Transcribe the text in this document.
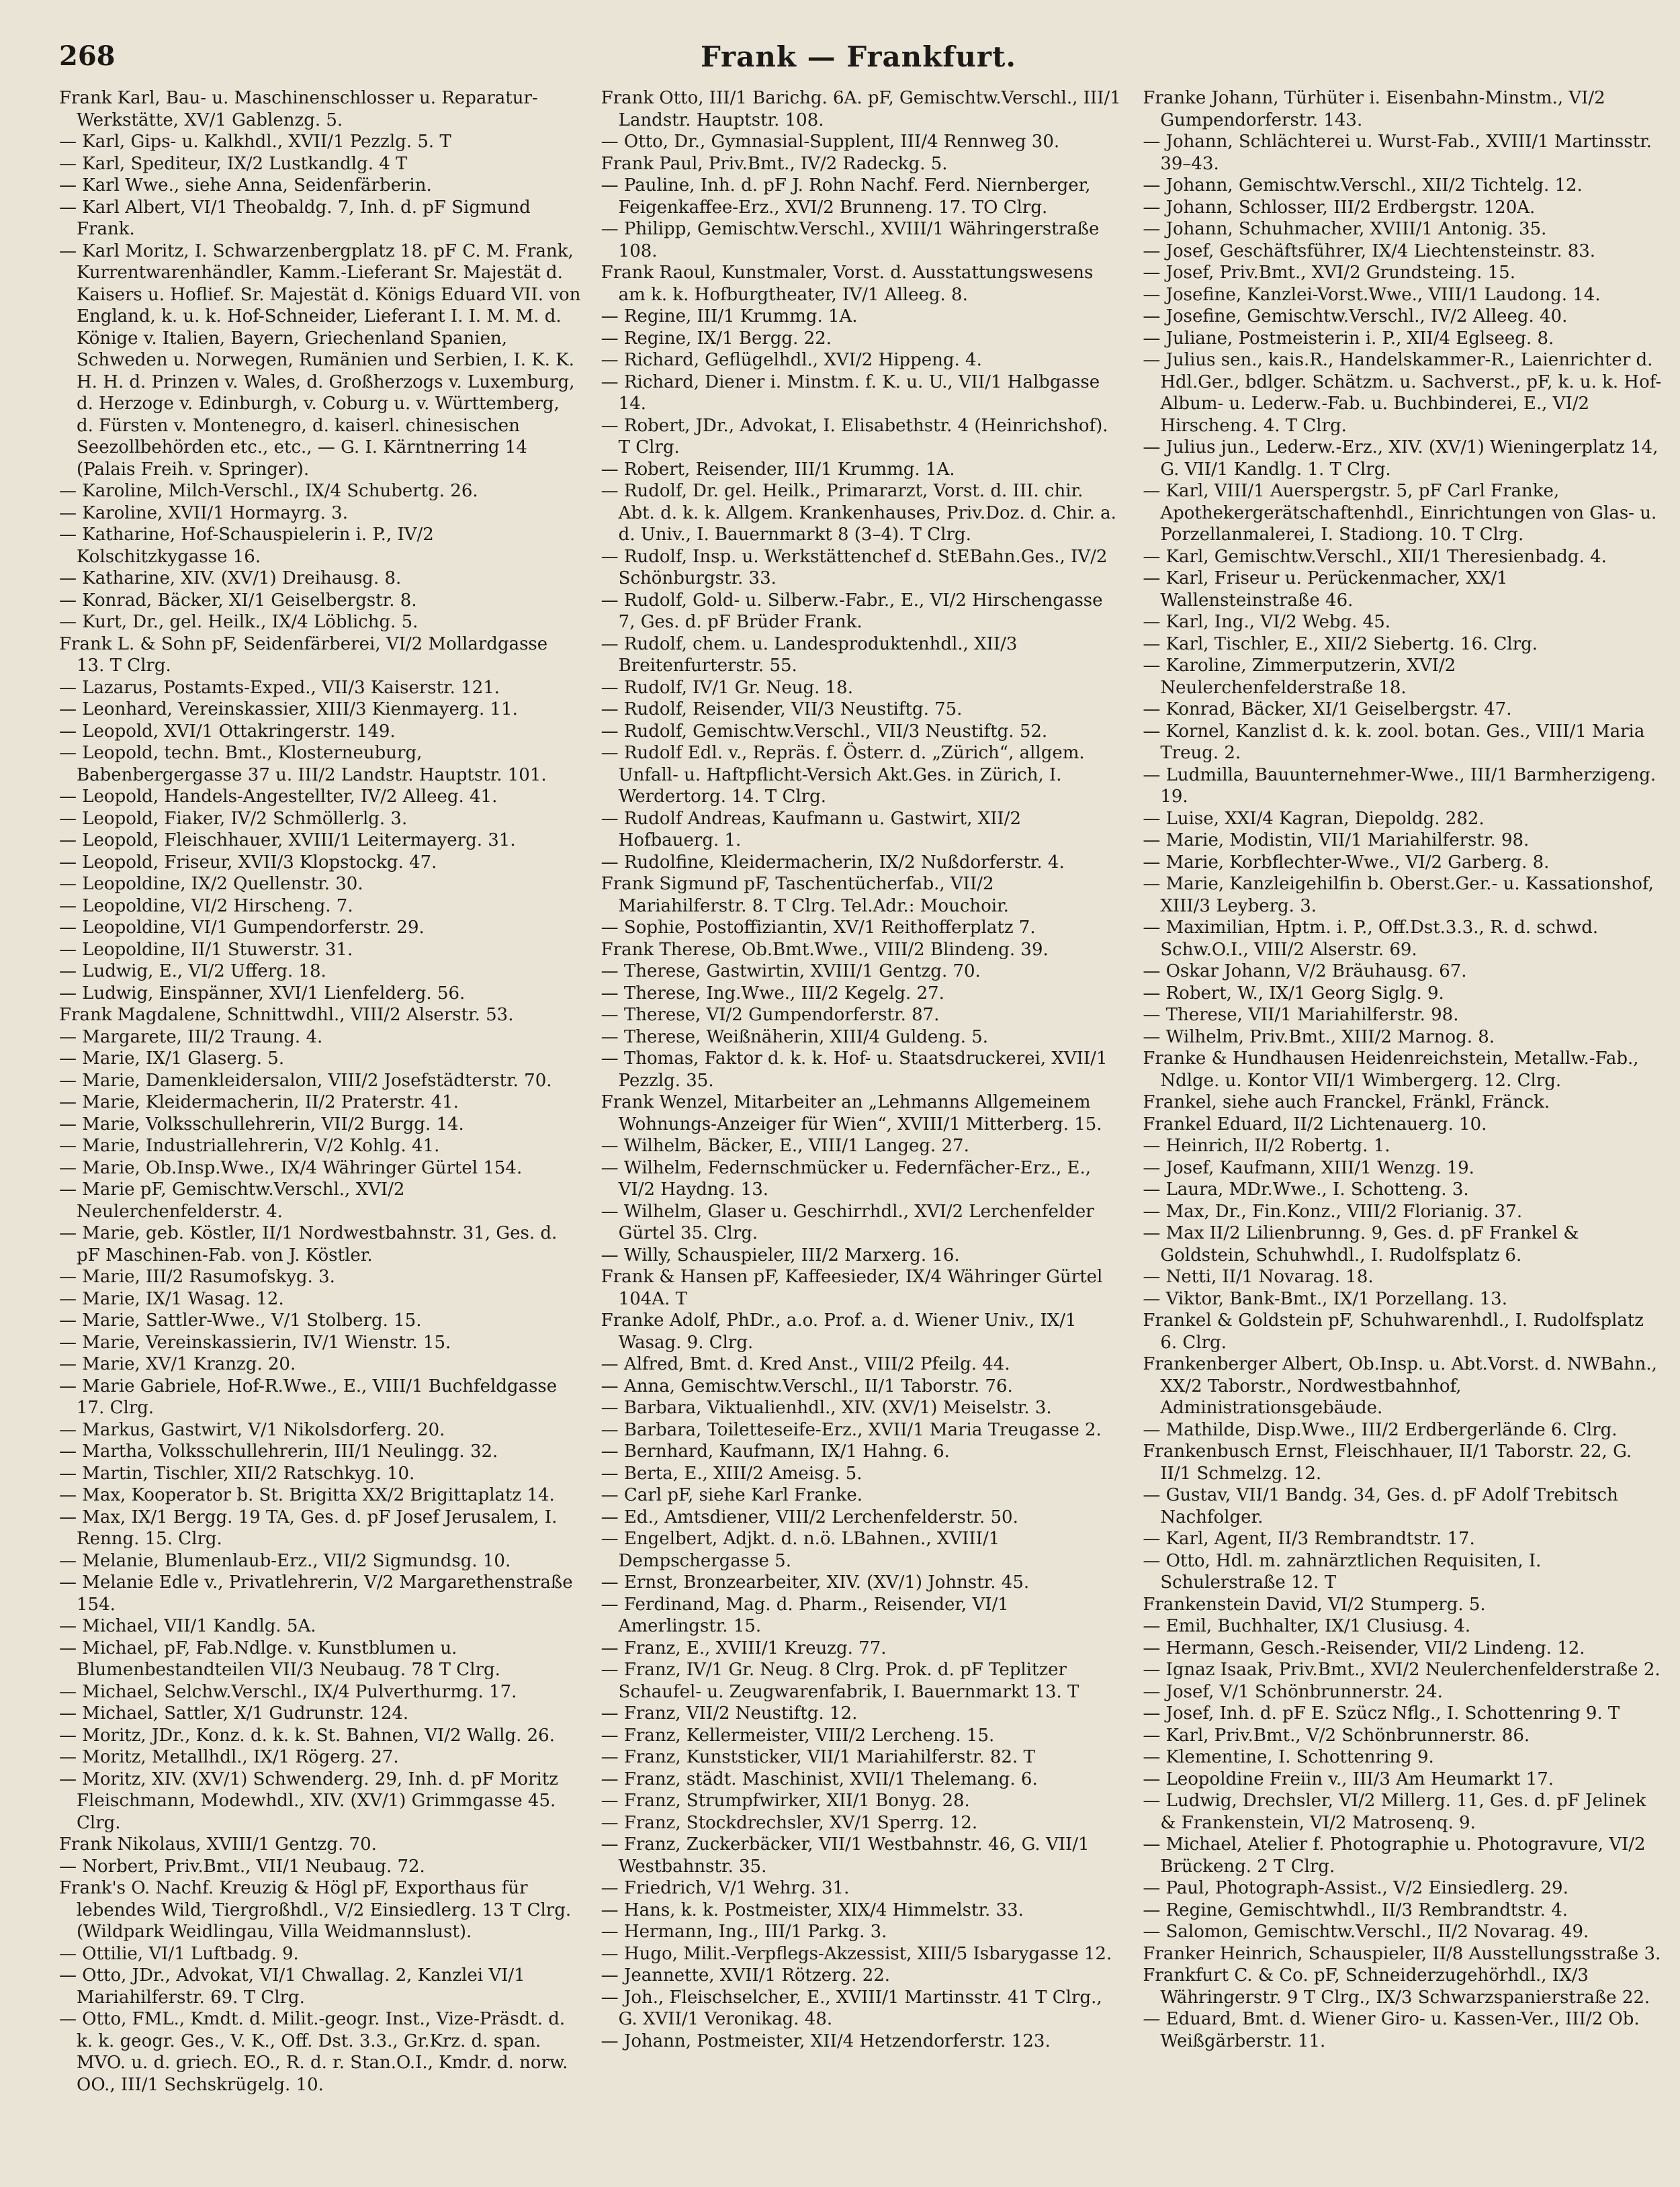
268	Frank — Frankfurt.

Frank Karl, Bau- u. Maschinenschlosser u. Reparatur-Werkstätte, XV/1 Gablenzg. 5.

— Karl, Gips- u. Kalkhdl., XVII/1 Pezzlg. 5. T

— Karl, Spediteur, IX/2 Lustkandlg. 4 T

— Karl Wwe., siehe Anna, Seidenfärberin.

— Karl Albert, VI/1 Theobaldg. 7, Inh. d. pF Sigmund Frank.

— Karl Moritz, I. Schwarzenbergplatz 18. pF C. M. Frank, Kurrentwarenhändler, Kamm.-Lieferant Sr. Majestät d. Kaisers u. Hoflief. Sr. Majestät d. Königs Eduard VII. von England, k. u. k. Hof-Schneider, Lieferant I. I. M. M. d. Könige v. Italien, Bayern, Griechenland Spanien, Schweden u. Norwegen, Rumänien und Serbien, I. K. K. H. H. d. Prinzen v. Wales, d. Großherzogs v. Luxemburg, d. Herzoge v. Edinburgh, v. Coburg u. v. Württemberg, d. Fürsten v. Montenegro, d. kaiserl. chinesischen Seezollbehörden etc., etc., — G. I. Kärntnerring 14 (Palais Freih. v. Springer).

— Karoline, Milch-Verschl., IX/4 Schubertg. 26.

— Karoline, XVII/1 Hormayrg. 3.

— Katharine, Hof-Schauspielerin i. P., IV/2 Kolschitzkygasse 16.

— Katharine, XIV. (XV/1) Dreihausg. 8.

— Konrad, Bäcker, XI/1 Geiselbergstr. 8.

— Kurt, Dr., gel. Heilk., IX/4 Löblichg. 5.

Frank L. & Sohn pF, Seidenfärberei, VI/2 Mollardgasse 13. T Clrg.

— Lazarus, Postamts-Exped., VII/3 Kaiserstr. 121.

— Leonhard, Vereinskassier, XIII/3 Kienmayerg. 11.

— Leopold, XVI/1 Ottakringerstr. 149.

— Leopold, techn. Bmt., Klosterneuburg, Babenbergergasse 37 u. III/2 Landstr. Hauptstr. 101.

— Leopold, Handels-Angestellter, IV/2 Alleeg. 41.

— Leopold, Fiaker, IV/2 Schmöllerlg. 3.

— Leopold, Fleischhauer, XVIII/1 Leitermayerg. 31.

— Leopold, Friseur, XVII/3 Klopstockg. 47.

— Leopoldine, IX/2 Quellenstr. 30.

— Leopoldine, VI/2 Hirscheng. 7.

— Leopoldine, VI/1 Gumpendorferstr. 29.

— Leopoldine, II/1 Stuwerstr. 31.

— Ludwig, E., VI/2 Ufferg. 18.

— Ludwig, Einspänner, XVI/1 Lienfelderg. 56.

Frank Magdalene, Schnittwdhl., VIII/2 Alserstr. 53.

— Margarete, III/2 Traung. 4.

— Marie, IX/1 Glaserg. 5.

— Marie, Damenkleidersalon, VIII/2 Josefstädterstr. 70.

— Marie, Kleidermacherin, II/2 Praterstr. 41.

— Marie, Volksschullehrerin, VII/2 Burgg. 14.

— Marie, Industriallehrerin, V/2 Kohlg. 41.

— Marie, Ob.Insp.Wwe., IX/4 Währinger Gürtel 154.

— Marie pF, Gemischtw.Verschl., XVI/2 Neulerchenfelderstr. 4.

— Marie, geb. Köstler, II/1 Nordwestbahnstr. 31, Ges. d. pF Maschinen-Fab. von J. Köstler.

— Marie, III/2 Rasumofskyg. 3.

— Marie, IX/1 Wasag. 12.

— Marie, Sattler-Wwe., V/1 Stolberg. 15.

— Marie, Vereinskassierin, IV/1 Wienstr. 15.

— Marie, XV/1 Kranzg. 20.

— Marie Gabriele, Hof-R.Wwe., E., VIII/1 Buchfeldgasse 17. Clrg.

— Markus, Gastwirt, V/1 Nikolsdorferg. 20.

— Martha, Volksschullehrerin, III/1 Neulingg. 32.

— Martin, Tischler, XII/2 Ratschkyg. 10.

— Max, Kooperator b. St. Brigitta XX/2 Brigittaplatz 14.

— Max, IX/1 Bergg. 19 TA, Ges. d. pF Josef Jerusalem, I. Renng. 15. Clrg.

— Melanie, Blumenlaub-Erz., VII/2 Sigmundsg. 10.

— Melanie Edle v., Privatlehrerin, V/2 Margarethenstraße 154.

— Michael, VII/1 Kandlg. 5A.

— Michael, pF, Fab.Ndlge. v. Kunstblumen u. Blumenbestandteilen VII/3 Neubaug. 78 T Clrg.

— Michael, Selchw.Verschl., IX/4 Pulverthurmg. 17.

— Michael, Sattler, X/1 Gudrunstr. 124.

— Moritz, JDr., Konz. d. k. k. St. Bahnen, VI/2 Wallg. 26.

— Moritz, Metallhdl., IX/1 Rögerg. 27.

— Moritz, XIV. (XV/1) Schwenderg. 29, Inh. d. pF Moritz Fleischmann, Modewhdl., XIV. (XV/1) Grimmgasse 45. Clrg.

Frank Nikolaus, XVIII/1 Gentzg. 70.

— Norbert, Priv.Bmt., VII/1 Neubaug. 72.

Frank's O. Nachf. Kreuzig & Högl pF, Exporthaus für lebendes Wild, Tiergroßhdl., V/2 Einsiedlerg. 13 T Clrg. (Wildpark Weidlingau, Villa Weidmannslust).

— Ottilie, VI/1 Luftbadg. 9.

— Otto, JDr., Advokat, VI/1 Chwallag. 2, Kanzlei VI/1 Mariahilferstr. 69. T Clrg.

— Otto, FML., Kmdt. d. Milit.-geogr. Inst., Vize-Präsdt. d. k. k. geogr. Ges., V. K., Off. Dst. 3.3., Gr.Krz. d. span. MVO. u. d. griech. EO., R. d. r. Stan.O.I., Kmdr. d. norw. OO., III/1 Sechskrügelg. 10.

Frank Otto, III/1 Barichg. 6A. pF, Gemischtw.Verschl., III/1 Landstr. Hauptstr. 108.

— Otto, Dr., Gymnasial-Supplent, III/4 Rennweg 30.

Frank Paul, Priv.Bmt., IV/2 Radeckg. 5.

— Pauline, Inh. d. pF J. Rohn Nachf. Ferd. Niernberger, Feigenkaffee-Erz., XVI/2 Brunneng. 17. TO Clrg.

— Philipp, Gemischtw.Verschl., XVIII/1 Währingerstraße 108.

Frank Raoul, Kunstmaler, Vorst. d. Ausstattungswesens am k. k. Hofburgtheater, IV/1 Alleeg. 8.

— Regine, III/1 Krummg. 1A.

— Regine, IX/1 Bergg. 22.

— Richard, Geflügelhdl., XVI/2 Hippeng. 4.

— Richard, Diener i. Minstm. f. K. u. U., VII/1 Halbgasse 14.

— Robert, JDr., Advokat, I. Elisabethstr. 4 (Heinrichshof). T Clrg.

— Robert, Reisender, III/1 Krummg. 1A.

— Rudolf, Dr. gel. Heilk., Primararzt, Vorst. d. III. chir. Abt. d. k. k. Allgem. Krankenhauses, Priv.Doz. d. Chir. a. d. Univ., I. Bauernmarkt 8 (3–4). T Clrg.

— Rudolf, Insp. u. Werkstättenchef d. StEBahn.Ges., IV/2 Schönburgstr. 33.

— Rudolf, Gold- u. Silberw.-Fabr., E., VI/2 Hirschengasse 7, Ges. d. pF Brüder Frank.

— Rudolf, chem. u. Landesproduktenhdl., XII/3 Breitenfurterstr. 55.

— Rudolf, IV/1 Gr. Neug. 18.

— Rudolf, Reisender, VII/3 Neustiftg. 75.

— Rudolf, Gemischtw.Verschl., VII/3 Neustiftg. 52.

— Rudolf Edl. v., Repräs. f. Österr. d. „Zürich“, allgem. Unfall- u. Haftpflicht-Versich Akt.Ges. in Zürich, I. Werdertorg. 14. T Clrg.

— Rudolf Andreas, Kaufmann u. Gastwirt, XII/2 Hofbauerg. 1.

— Rudolfine, Kleidermacherin, IX/2 Nußdorferstr. 4.

Frank Sigmund pF, Taschentücherfab., VII/2 Mariahilferstr. 8. T Clrg. Tel.Adr.: Mouchoir.

— Sophie, Postoffiziantin, XV/1 Reithofferplatz 7.

Frank Therese, Ob.Bmt.Wwe., VIII/2 Blindeng. 39.

— Therese, Gastwirtin, XVIII/1 Gentzg. 70.

— Therese, Ing.Wwe., III/2 Kegelg. 27.

— Therese, VI/2 Gumpendorferstr. 87.

— Therese, Weißnäherin, XIII/4 Guldeng. 5.

— Thomas, Faktor d. k. k. Hof- u. Staatsdruckerei, XVII/1 Pezzlg. 35.

Frank Wenzel, Mitarbeiter an „Lehmanns Allgemeinem Wohnungs-Anzeiger für Wien“, XVIII/1 Mitterberg. 15.

— Wilhelm, Bäcker, E., VIII/1 Langeg. 27.

— Wilhelm, Federnschmücker u. Federnfächer-Erz., E., VI/2 Haydng. 13.

— Wilhelm, Glaser u. Geschirrhdl., XVI/2 Lerchenfelder Gürtel 35. Clrg.

— Willy, Schauspieler, III/2 Marxerg. 16.

Frank & Hansen pF, Kaffeesieder, IX/4 Währinger Gürtel 104A. T

Franke Adolf, PhDr., a.o. Prof. a. d. Wiener Univ., IX/1 Wasag. 9. Clrg.

— Alfred, Bmt. d. Kred Anst., VIII/2 Pfeilg. 44.

— Anna, Gemischtw.Verschl., II/1 Taborstr. 76.

— Barbara, Viktualienhdl., XIV. (XV/1) Meiselstr. 3.

— Barbara, Toiletteseife-Erz., XVII/1 Maria Treugasse 2.

— Bernhard, Kaufmann, IX/1 Hahng. 6.

— Berta, E., XIII/2 Ameisg. 5.

— Carl pF, siehe Karl Franke.

— Ed., Amtsdiener, VIII/2 Lerchenfelderstr. 50.

— Engelbert, Adjkt. d. n.ö. LBahnen., XVIII/1 Dempschergasse 5.

— Ernst, Bronzearbeiter, XIV. (XV/1) Johnstr. 45.

— Ferdinand, Mag. d. Pharm., Reisender, VI/1 Amerlingstr. 15.

— Franz, E., XVIII/1 Kreuzg. 77.

— Franz, IV/1 Gr. Neug. 8 Clrg. Prok. d. pF Teplitzer Schaufel- u. Zeugwarenfabrik, I. Bauernmarkt 13. T

— Franz, VII/2 Neustiftg. 12.

— Franz, Kellermeister, VIII/2 Lercheng. 15.

— Franz, Kunststicker, VII/1 Mariahilferstr. 82. T

— Franz, städt. Maschinist, XVII/1 Thelemang. 6.

— Franz, Strumpfwirker, XII/1 Bonyg. 28.

— Franz, Stockdrechsler, XV/1 Sperrg. 12.

— Franz, Zuckerbäcker, VII/1 Westbahnstr. 46, G. VII/1 Westbahnstr. 35.

— Friedrich, V/1 Wehrg. 31.

— Hans, k. k. Postmeister, XIX/4 Himmelstr. 33.

— Hermann, Ing., III/1 Parkg. 3.

— Hugo, Milit.-Verpflegs-Akzessist, XIII/5 Isbarygasse 12.

— Jeannette, XVII/1 Rötzerg. 22.

— Joh., Fleischselcher, E., XVIII/1 Martinsstr. 41 T Clrg., G. XVII/1 Veronikag. 48.

— Johann, Postmeister, XII/4 Hetzendorferstr. 123.

Franke Johann, Türhüter i. Eisenbahn-Minstm., VI/2 Gumpendorferstr. 143.

— Johann, Schlächterei u. Wurst-Fab., XVIII/1 Martinsstr. 39–43.

— Johann, Gemischtw.Verschl., XII/2 Tichtelg. 12.

— Johann, Schlosser, III/2 Erdbergstr. 120A.

— Johann, Schuhmacher, XVIII/1 Antonig. 35.

— Josef, Geschäftsführer, IX/4 Liechtensteinstr. 83.

— Josef, Priv.Bmt., XVI/2 Grundsteing. 15.

— Josefine, Kanzlei-Vorst.Wwe., VIII/1 Laudong. 14.

— Josefine, Gemischtw.Verschl., IV/2 Alleeg. 40.

— Juliane, Postmeisterin i. P., XII/4 Eglseeg. 8.

— Julius sen., kais.R., Handelskammer-R., Laienrichter d. Hdl.Ger., bdlger. Schätzm. u. Sachverst., pF, k. u. k. Hof-Album- u. Lederw.-Fab. u. Buchbinderei, E., VI/2 Hirscheng. 4. T Clrg.

— Julius jun., Lederw.-Erz., XIV. (XV/1) Wieningerplatz 14, G. VII/1 Kandlg. 1. T Clrg.

— Karl, VIII/1 Auerspergstr. 5, pF Carl Franke, Apothekergerätschaftenhdl., Einrichtungen von Glas- u. Porzellanmalerei, I. Stadiong. 10. T Clrg.

— Karl, Gemischtw.Verschl., XII/1 Theresienbadg. 4.

— Karl, Friseur u. Perückenmacher, XX/1 Wallensteinstraße 46.

— Karl, Ing., VI/2 Webg. 45.

— Karl, Tischler, E., XII/2 Siebertg. 16. Clrg.

— Karoline, Zimmerputzerin, XVI/2 Neulerchenfelderstraße 18.

— Konrad, Bäcker, XI/1 Geiselbergstr. 47.

— Kornel, Kanzlist d. k. k. zool. botan. Ges., VIII/1 Maria Treug. 2.

— Ludmilla, Bauunternehmer-Wwe., III/1 Barmherzigeng. 19.

— Luise, XXI/4 Kagran, Diepoldg. 282.

— Marie, Modistin, VII/1 Mariahilferstr. 98.

— Marie, Korbflechter-Wwe., VI/2 Garberg. 8.

— Marie, Kanzleigehilfin b. Oberst.Ger.- u. Kassationshof, XIII/3 Leyberg. 3.

— Maximilian, Hptm. i. P., Off.Dst.3.3., R. d. schwd. Schw.O.I., VIII/2 Alserstr. 69.

— Oskar Johann, V/2 Bräuhausg. 67.

— Robert, W., IX/1 Georg Siglg. 9.

— Therese, VII/1 Mariahilferstr. 98.

— Wilhelm, Priv.Bmt., XIII/2 Marnog. 8.

Franke & Hundhausen Heidenreichstein, Metallw.-Fab., Ndlge. u. Kontor VII/1 Wimbergerg. 12. Clrg.

Frankel, siehe auch Franckel, Fränkl, Fränck.

Frankel Eduard, II/2 Lichtenauerg. 10.

— Heinrich, II/2 Robertg. 1.

— Josef, Kaufmann, XIII/1 Wenzg. 19.

— Laura, MDr.Wwe., I. Schotteng. 3.

— Max, Dr., Fin.Konz., VIII/2 Florianig. 37.

— Max II/2 Lilienbrunng. 9, Ges. d. pF Frankel & Goldstein, Schuhwhdl., I. Rudolfsplatz 6.

— Netti, II/1 Novarag. 18.

— Viktor, Bank-Bmt., IX/1 Porzellang. 13.

Frankel & Goldstein pF, Schuhwarenhdl., I. Rudolfsplatz 6. Clrg.

Frankenberger Albert, Ob.Insp. u. Abt.Vorst. d. NWBahn., XX/2 Taborstr., Nordwestbahnhof, Administrationsgebäude.

— Mathilde, Disp.Wwe., III/2 Erdbergerlände 6. Clrg.

Frankenbusch Ernst, Fleischhauer, II/1 Taborstr. 22, G. II/1 Schmelzg. 12.

— Gustav, VII/1 Bandg. 34, Ges. d. pF Adolf Trebitsch Nachfolger.

— Karl, Agent, II/3 Rembrandtstr. 17.

— Otto, Hdl. m. zahnärztlichen Requisiten, I. Schulerstraße 12. T

Frankenstein David, VI/2 Stumperg. 5.

— Emil, Buchhalter, IX/1 Clusiusg. 4.

— Hermann, Gesch.-Reisender, VII/2 Lindeng. 12.

— Ignaz Isaak, Priv.Bmt., XVI/2 Neulerchenfelderstraße 2.

— Josef, V/1 Schönbrunnerstr. 24.

— Josef, Inh. d. pF E. Szücz Nflg., I. Schottenring 9. T

— Karl, Priv.Bmt., V/2 Schönbrunnerstr. 86.

— Klementine, I. Schottenring 9.

— Leopoldine Freiin v., III/3 Am Heumarkt 17.

— Ludwig, Drechsler, VI/2 Millerg. 11, Ges. d. pF Jelinek & Frankenstein, VI/2 Matrosenq. 9.

— Michael, Atelier f. Photographie u. Photogravure, VI/2 Brückeng. 2 T Clrg.

— Paul, Photograph-Assist., V/2 Einsiedlerg. 29.

— Regine, Gemischtwhdl., II/3 Rembrandtstr. 4.

— Salomon, Gemischtw.Verschl., II/2 Novarag. 49.

Franker Heinrich, Schauspieler, II/8 Ausstellungsstraße 3.

Frankfurt C. & Co. pF, Schneiderzugehörhdl., IX/3 Währingerstr. 9 T Clrg., IX/3 Schwarzspanierstraße 22.

— Eduard, Bmt. d. Wiener Giro- u. Kassen-Ver., III/2 Ob. Weißgärberstr. 11.
